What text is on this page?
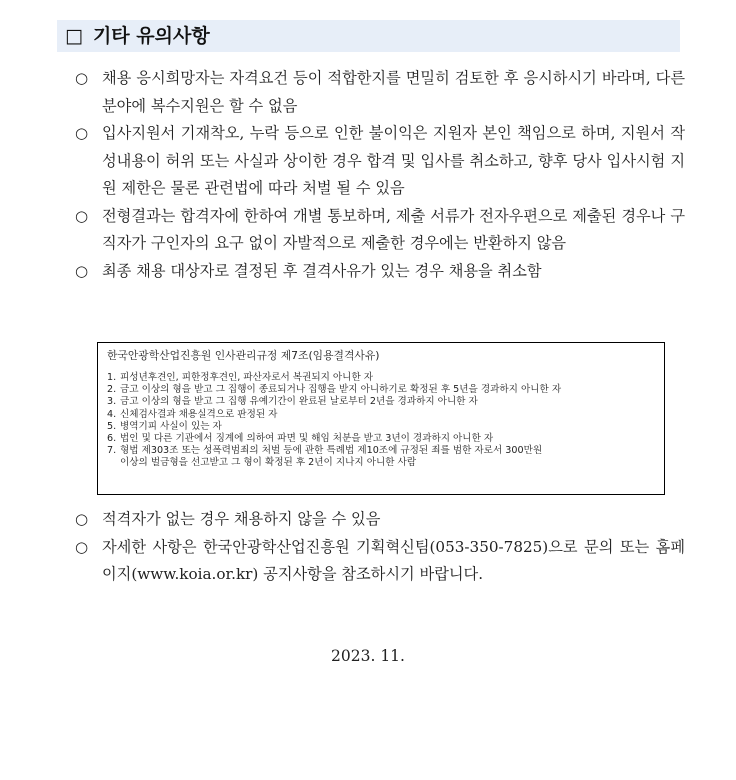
□ 기타 유의사항
○ 채용 응시희망자는 자격요건 등이 적합한지를 면밀히 검토한 후 응시하시기 바라며, 다른 분야에 복수지원은 할 수 없음
○ 입사지원서 기재착오, 누락 등으로 인한 불이익은 지원자 본인 책임으로 하며, 지원서 작성내용이 허위 또는 사실과 상이한 경우 합격 및 입사를 취소하고, 향후 당사 입사시험 지원 제한은 물론 관련법에 따라 처벌 될 수 있음
○ 전형결과는 합격자에 한하여 개별 통보하며, 제출 서류가 전자우편으로 제출된 경우나 구직자가 구인자의 요구 없이 자발적으로 제출한 경우에는 반환하지 않음
○ 최종 채용 대상자로 결정된 후 결격사유가 있는 경우 채용을 취소함
한국안광학산업진흥원 인사관리규정 제7조(임용결격사유)
1. 피성년후견인, 피한정후견인, 파산자로서 복권되지 아니한 자
2. 금고 이상의 형을 받고 그 집행이 종료되거나 집행을 받지 아니하기로 확정된 후 5년을 경과하지 아니한 자
3. 금고 이상의 형을 받고 그 집행 유예기간이 완료된 날로부터 2년을 경과하지 아니한 자
4. 신체검사결과 채용실격으로 판정된 자
5. 병역기피 사실이 있는 자
6. 법인 및 다른 기관에서 징계에 의하여 파면 및 해임 처분을 받고 3년이 경과하지 아니한 자
7. 형법 제303조 또는 성폭력범죄의 처벌 등에 관한 특례법 제10조에 규정된 죄를 범한 자로서 300만원
이상의 벌금형을 선고받고 그 형이 확정된 후 2년이 지나지 아니한 사람
○ 적격자가 없는 경우 채용하지 않을 수 있음
○ 자세한 사항은 한국안광학산업진흥원 기획혁신팀(053-350-7825)으로 문의 또는 홈페이지(www.koia.or.kr) 공지사항을 참조하시기 바랍니다.
2023. 11.
